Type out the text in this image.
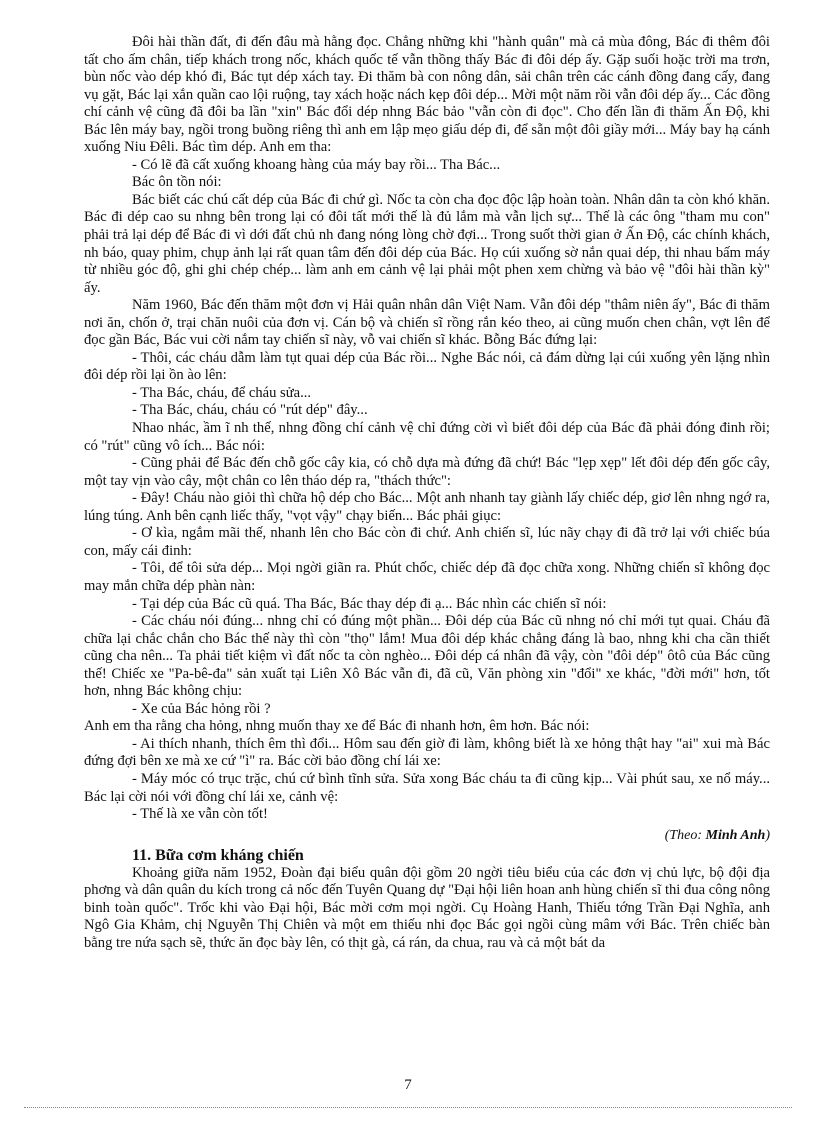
Đôi hài thần đất, đi đến đâu mà hằng đọc. Chẳng những khi "hành quân" mà cả mùa đông, Bác đi thêm đôi tất cho ấm chân, tiếp khách trong nốc, khách quốc tế vẫn thồng thấy Bác đi đôi dép ấy. Gặp suối hoặc trời ma trơn, bùn nốc vào dép khó đi, Bác tụt dép xách tay. Đi thăm bà con nông dân, sải chân trên các cánh đồng đang cấy, đang vụ gặt, Bác lại xắn quần cao lội ruộng, tay xách hoặc nách kẹp đôi dép... Mời một năm rồi vẫn đôi dép ấy... Các đồng chí cảnh vệ cũng đã đôi ba lần "xin" Bác đổi dép nhng Bác bảo "vẫn còn đi đọc". Cho đến lần đi thăm Ấn Độ, khi Bác lên máy bay, ngồi trong buồng riêng thì anh em lập mẹo giấu dép đi, để sẵn một đôi giầy mới... Máy bay hạ cánh xuống Niu Đêli. Bác tìm dép. Anh em tha:

- Có lẽ đã cất xuống khoang hàng của máy bay rồi... Tha Bác...

Bác ôn tồn nói:

Bác biết các chú cất dép của Bác đi chứ gì. Nốc ta còn cha đọc độc lập hoàn toàn. Nhân dân ta còn khó khăn. Bác đi dép cao su nhng bên trong lại có đôi tất mới thế là đủ lắm mà vẫn lịch sự... Thế là các ông "tham mu con" phải trả lại dép để Bác đi vì dới đất chủ nh đang nóng lòng chờ đợi... Trong suốt thời gian ở Ấn Độ, các chính khách, nh báo, quay phim, chụp ảnh lại rất quan tâm đến đôi dép của Bác. Họ cúi xuống sờ nắn quai dép, thi nhau bấm máy từ nhiều góc độ, ghi ghi chép chép... làm anh em cảnh vệ lại phải một phen xem chừng và bảo vệ "đôi hài thần kỳ" ấy.

Năm 1960, Bác đến thăm một đơn vị Hải quân nhân dân Việt Nam. Vẫn đôi dép "thâm niên ấy", Bác đi thăm nơi ăn, chốn ở, trại chăn nuôi của đơn vị. Cán bộ và chiến sĩ rồng rắn kéo theo, ai cũng muốn chen chân, vợt lên để đọc gần Bác, Bác vui cời nắm tay chiến sĩ này, vỗ vai chiến sĩ khác. Bỗng Bác đứng lại:

- Thôi, các cháu dẫm làm tụt quai dép của Bác rồi... Nghe Bác nói, cả đám dừng lại cúi xuống yên lặng nhìn đôi dép rồi lại ồn ào lên:

- Tha Bác, cháu, để cháu sửa...

- Tha Bác, cháu, cháu có "rút dép" đây...

Nhao nhác, ầm ĩ nh thế, nhng đồng chí cảnh vệ chỉ đứng cời vì biết đôi dép của Bác đã phải đóng đinh rồi; có "rút" cũng vô ích... Bác nói:

- Cũng phải để Bác đến chỗ gốc cây kia, có chỗ dựa mà đứng đã chứ! Bác "lẹp xẹp" lết đôi dép đến gốc cây, một tay vịn vào cây, một chân co lên tháo dép ra, "thách thức":

- Đây! Cháu nào giỏi thì chữa hộ dép cho Bác... Một anh nhanh tay giành lấy chiếc dép, giơ lên nhng ngớ ra, lúng túng. Anh bên cạnh liếc thấy, "vọt vậy" chạy biến... Bác phải giục:

- Ơ kìa, ngắm mãi thế, nhanh lên cho Bác còn đi chứ. Anh chiến sĩ, lúc nãy chạy đi đã trở lại với chiếc búa con, mấy cái đinh:

- Tôi, để tôi sửa dép... Mọi ngời giãn ra. Phút chốc, chiếc dép đã đọc chữa xong. Những chiến sĩ không đọc may mắn chữa dép phàn nàn:

- Tại dép của Bác cũ quá. Tha Bác, Bác thay dép đi ạ... Bác nhìn các chiến sĩ nói:

- Các cháu nói đúng... nhng chỉ có đúng một phần... Đôi dép của Bác cũ nhng nó chỉ mới tụt quai. Cháu đã chữa lại chắc chắn cho Bác thế này thì còn "thọ" lắm! Mua đôi dép khác chẳng đáng là bao, nhng khi cha cần thiết cũng cha nên... Ta phải tiết kiệm vì đất nốc ta còn nghèo... Đôi dép cá nhân đã vậy, còn "đôi dép" ôtô của Bác cũng thế! Chiếc xe "Pa-bê-đa" sản xuất tại Liên Xô Bác vẫn đi, đã cũ, Văn phòng xin "đổi" xe khác, "đời mới" hơn, tốt hơn, nhng Bác không chịu:

- Xe của Bác hỏng rồi ?

Anh em tha rằng cha hỏng, nhng muốn thay xe để Bác đi nhanh hơn, êm hơn. Bác nói:

- Ai thích nhanh, thích êm thì đổi... Hôm sau đến giờ đi làm, không biết là xe hỏng thật hay "ai" xui mà Bác đứng đợi bên xe mà xe cứ "ì" ra. Bác cời bảo đồng chí lái xe:

- Máy móc có trục trặc, chú cứ bình tĩnh sửa. Sửa xong Bác cháu ta đi cũng kịp... Vài phút sau, xe nổ máy... Bác lại cời nói với đồng chí lái xe, cảnh vệ:

- Thế là xe vẫn còn tốt!

(Theo: Minh Anh)

11. Bữa cơm kháng chiến

Khoảng giữa năm 1952, Đoàn đại biểu quân đội gồm 20 ngời tiêu biểu của các đơn vị chủ lực, bộ đội địa phơng và dân quân du kích trong cả nốc đến Tuyên Quang dự "Đại hội liên hoan anh hùng chiến sĩ thi đua công nông binh toàn quốc". Trốc khi vào Đại hội, Bác mời cơm mọi ngời. Cụ Hoàng Hanh, Thiếu tớng Trần Đại Nghĩa, anh Ngô Gia Khảm, chị Nguyễn Thị Chiên và một em thiếu nhi đọc Bác gọi ngồi cùng mâm với Bác. Trên chiếc bàn bằng tre nứa sạch sẽ, thức ăn đọc bày lên, có thịt gà, cá rán, da chua, rau và cả một bát da

7
